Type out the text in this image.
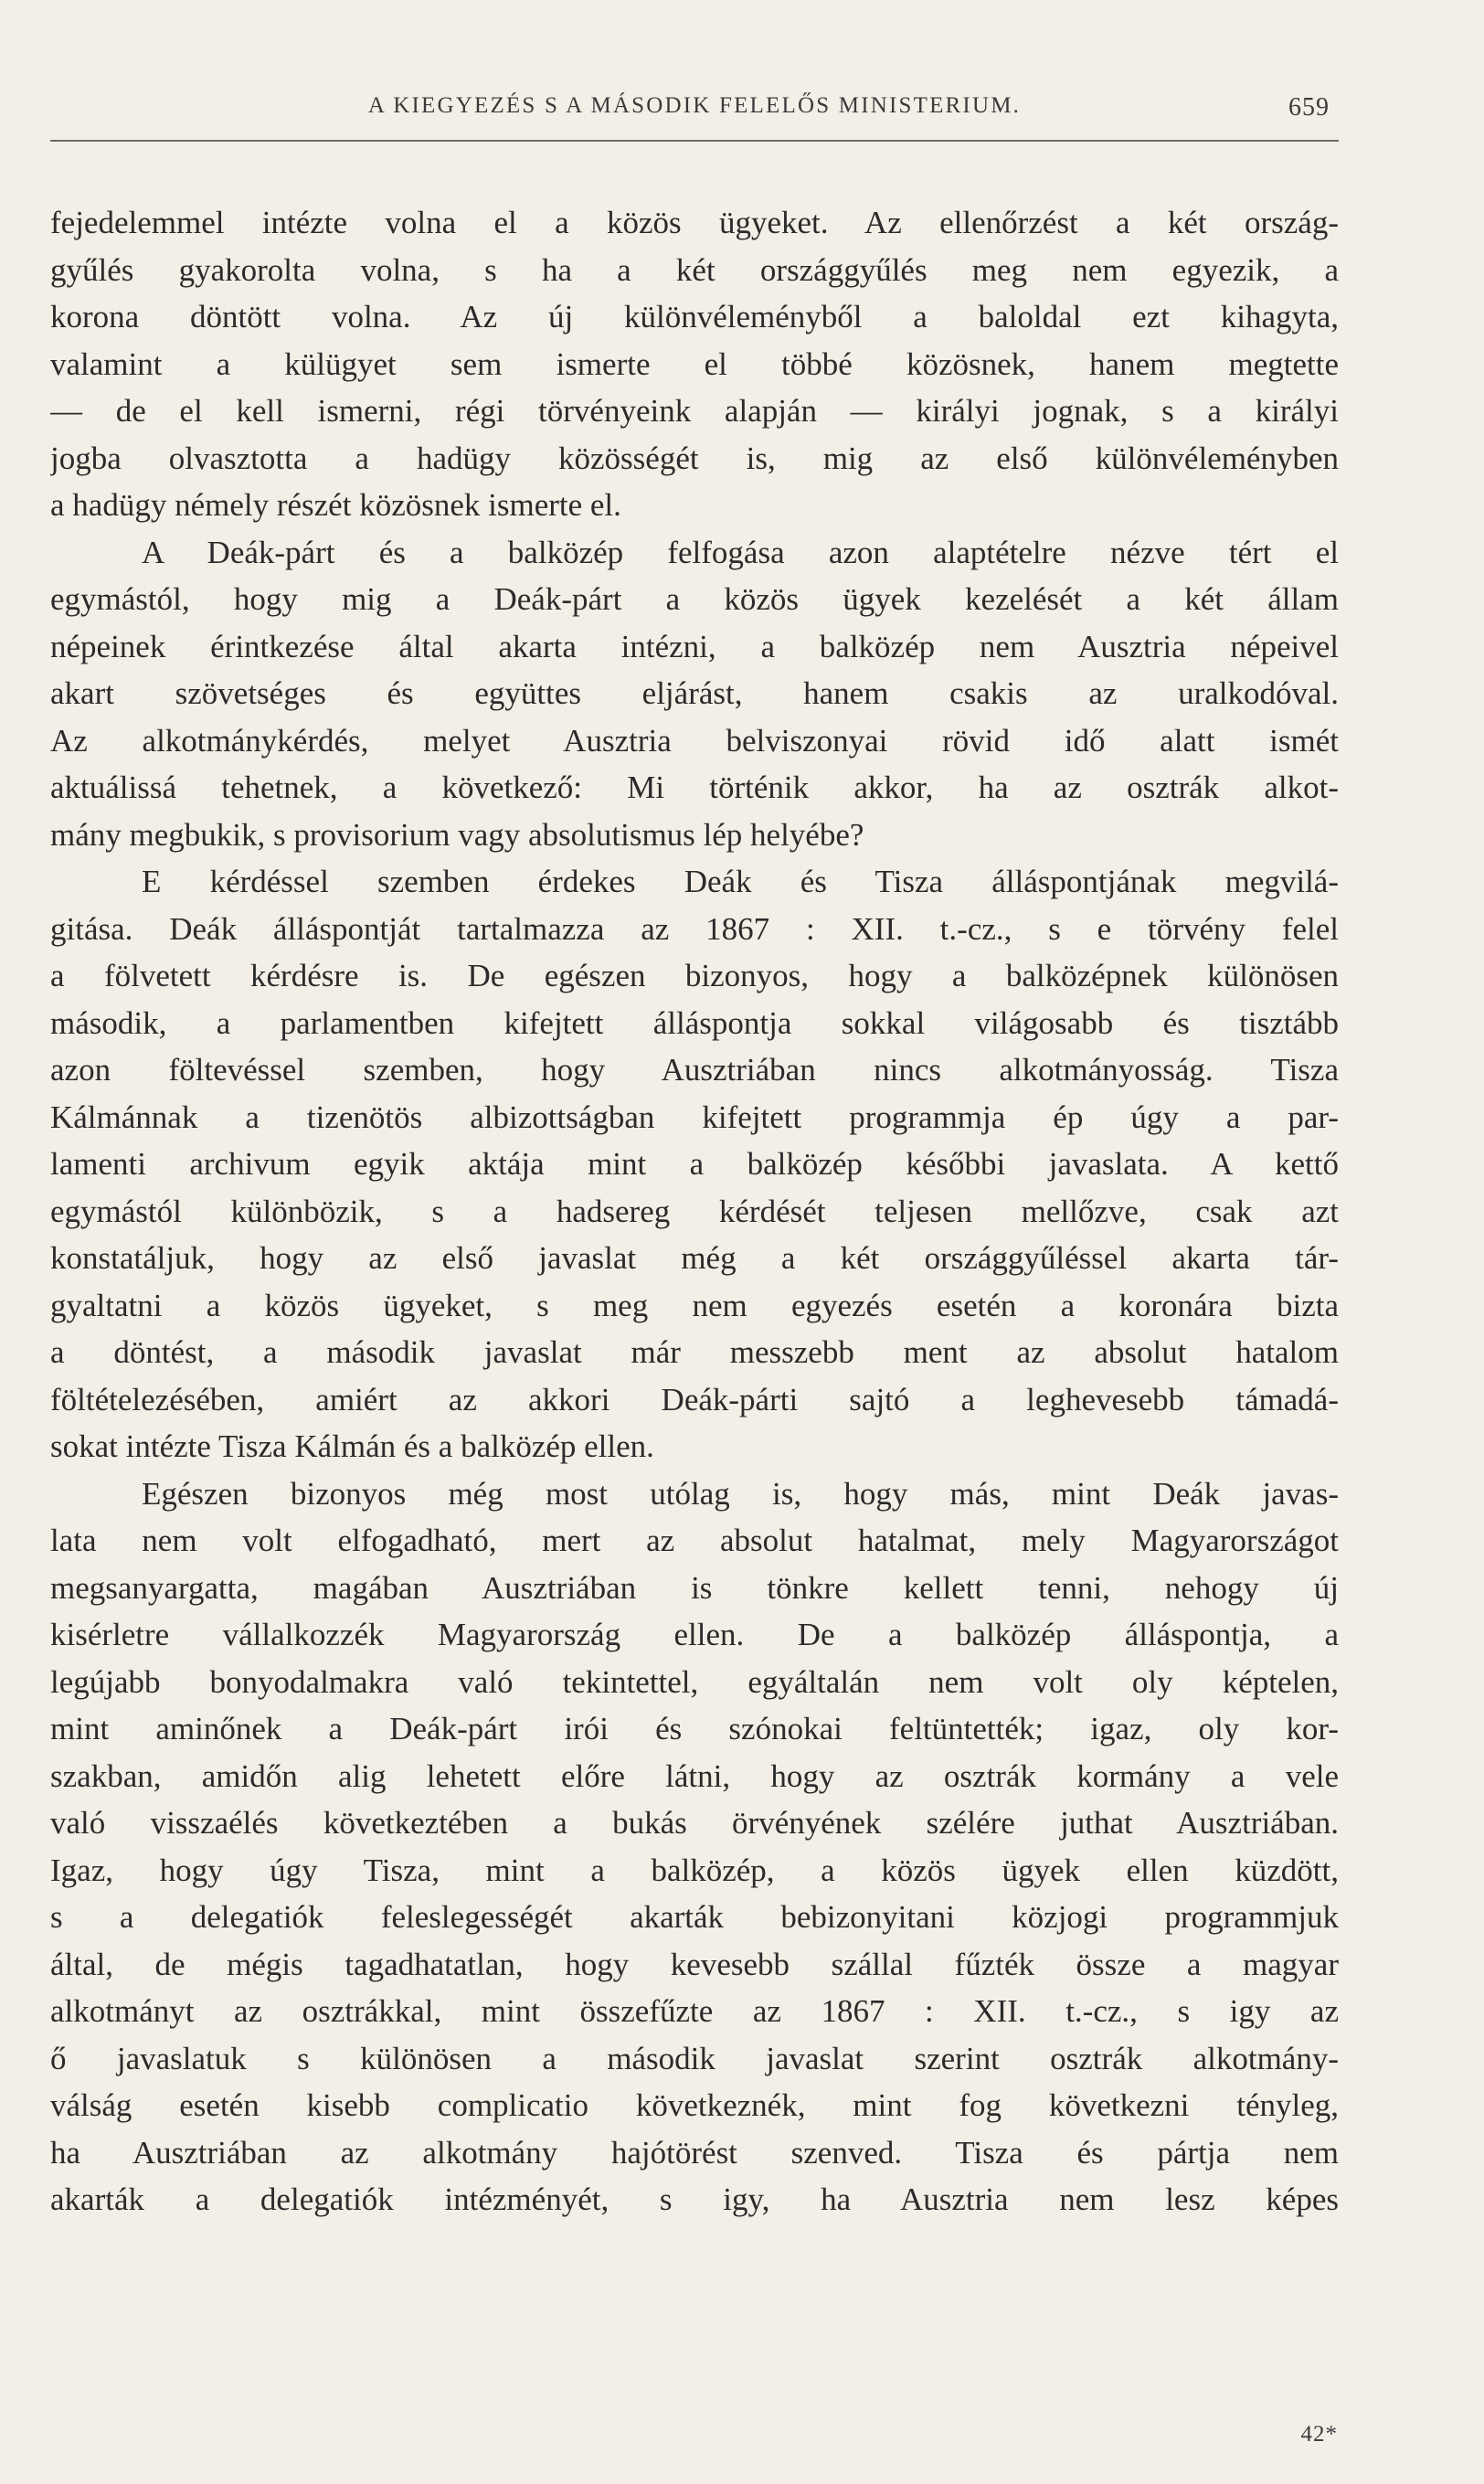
A KIEGYEZÉS S A MÁSODIK FELELŐS MINISTERIUM.	659
fejedelemmel intézte volna el a közös ügyeket. Az ellenőrzést a két ország-
gyűlés gyakorolta volna, s ha a két országgyűlés meg nem egyezik, a
korona döntött volna. Az új különvéleményből a baloldal ezt kihagyta,
valamint a külügyet sem ismerte el többé közösnek, hanem megtette
— de el kell ismerni, régi törvényeink alapján — királyi jognak, s a királyi
jogba olvasztotta a hadügy közösségét is, mig az első különvéleményben
a hadügy némely részét közösnek ismerte el.
A Deák-párt és a balközép felfogása azon alaptételre nézve tért el
egymástól, hogy mig a Deák-párt a közös ügyek kezelését a két állam
népeinek érintkezése által akarta intézni, a balközép nem Ausztria népeivel
akart szövetséges és együttes eljárást, hanem csakis az uralkodóval.
Az alkotmánykérdés, melyet Ausztria belviszonyai rövid idő alatt ismét
aktuálissá tehetnek, a következő: Mi történik akkor, ha az osztrák alkot-
mány megbukik, s provisorium vagy absolutismus lép helyébe?
E kérdéssel szemben érdekes Deák és Tisza álláspontjának megvilá-
gitása. Deák álláspontját tartalmazza az 1867 : XII. t.-cz., s e törvény felel
a fölvetett kérdésre is. De egészen bizonyos, hogy a balközépnek különösen
második, a parlamentben kifejtett álláspontja sokkal világosabb és tisztább
azon föltevéssel szemben, hogy Ausztriában nincs alkotmányosság. Tisza
Kálmánnak a tizenötös albizottságban kifejtett programmja ép úgy a par-
lamenti archivum egyik aktája mint a balközép későbbi javaslata. A kettő
egymástól különbözik, s a hadsereg kérdését teljesen mellőzve, csak azt
konstatáljuk, hogy az első javaslat még a két országgyűléssel akarta tár-
gyaltatni a közös ügyeket, s meg nem egyezés esetén a koronára bizta
a döntést, a második javaslat már messzebb ment az absolut hatalom
föltételezésében, amiért az akkori Deák-párti sajtó a leghevesebb támadá-
sokat intézte Tisza Kálmán és a balközép ellen.
Egészen bizonyos még most utólag is, hogy más, mint Deák javas-
lata nem volt elfogadható, mert az absolut hatalmat, mely Magyarországot
megsanyargatta, magában Ausztriában is tönkre kellett tenni, nehogy új
kisérletre vállalkozzék Magyarország ellen. De a balközép álláspontja, a
legújabb bonyodalmakra való tekintettel, egyáltalán nem volt oly képtelen,
mint aminőnek a Deák-párt irói és szónokai feltüntették; igaz, oly kor-
szakban, amidőn alig lehetett előre látni, hogy az osztrák kormány a vele
való visszaélés következtében a bukás örvényének szélére juthat Ausztriában.
Igaz, hogy úgy Tisza, mint a balközép, a közös ügyek ellen küzdött,
s a delegatiók feleslegességét akarták bebizonyitani közjogi programmjuk
által, de mégis tagadhatatlan, hogy kevesebb szállal fűzték össze a magyar
alkotmányt az osztrákkal, mint összefűzte az 1867 : XII. t.-cz., s igy az
ő javaslatuk s különösen a második javaslat szerint osztrák alkotmány-
válság esetén kisebb complicatio következnék, mint fog következni tényleg,
ha Ausztriában az alkotmány hajótörést szenved. Tisza és pártja nem
akarták a delegatiók intézményét, s igy, ha Ausztria nem lesz képes
42*
